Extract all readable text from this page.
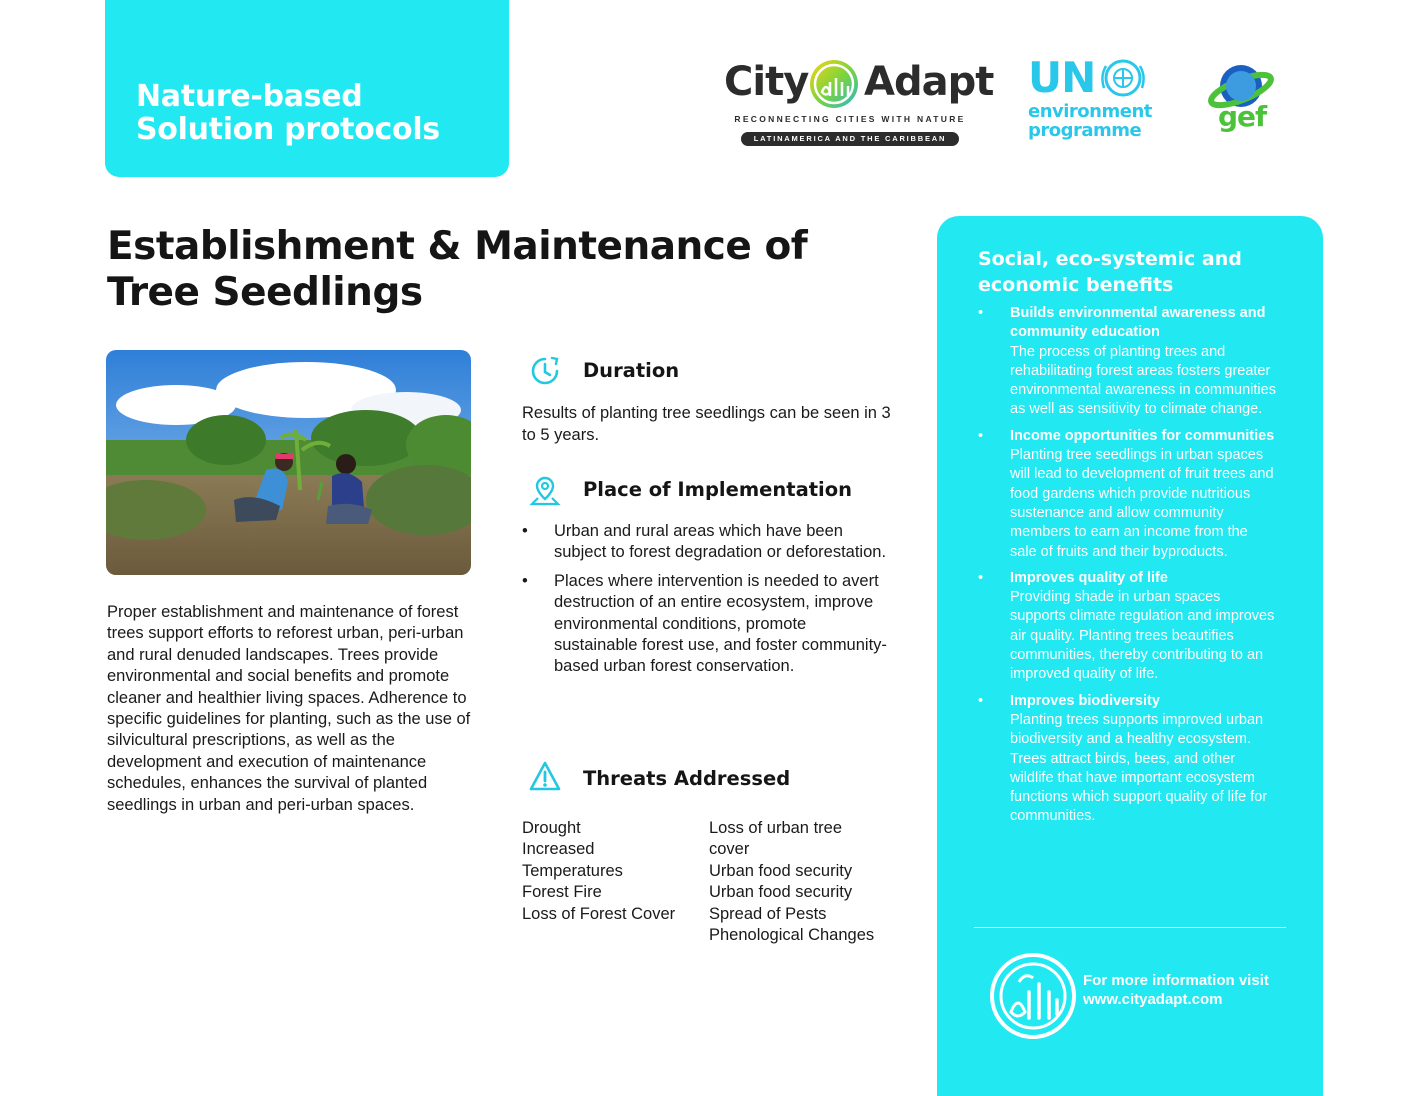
Nature-based
Solution protocols
City Adapt
RECONNECTING CITIES WITH NATURE
LATINAMERICA AND THE CARIBBEAN
UN
environment
programme	gef
Establishment & Maintenance of
Tree Seedlings

Proper establishment and maintenance of forest trees support efforts to reforest urban, peri-urban and rural denuded landscapes. Trees provide environmental and social benefits and promote cleaner and healthier living spaces. Adherence to specific guidelines for planting, such as the use of silvicultural prescriptions, as well as the development and execution of maintenance schedules, enhances the survival of planted seedlings in urban and peri-urban spaces.

Duration
Results of planting tree seedlings can be seen in 3 to 5 years.
Place of Implementation
• Urban and rural areas which have been subject to forest degradation or deforestation.
• Places where intervention is needed to avert destruction of an entire ecosystem, improve environmental conditions, promote sustainable forest use, and foster community-based urban forest conservation.
Threats Addressed
Drought
Increased
Temperatures
Forest Fire
Loss of Forest Cover
Loss of urban tree
cover
Urban food security
Urban food security
Spread of Pests
Phenological Changes
Social, eco-systemic and
economic benefits
• Builds environmental awareness and community education
The process of planting trees and rehabilitating forest areas fosters greater environmental awareness in communities as well as sensitivity to climate change.
• Income opportunities for communities
Planting tree seedlings in urban spaces will lead to development of fruit trees and food gardens which provide nutritious sustenance and allow community members to earn an income from the sale of fruits and their byproducts.
• Improves quality of life
Providing shade in urban spaces supports climate regulation and improves air quality. Planting trees beautifies communities, thereby contributing to an improved quality of life.
• Improves biodiversity
Planting trees supports improved urban biodiversity and a healthy ecosystem. Trees attract birds, bees, and other wildlife that have important ecosystem functions which support quality of life for communities.
For more information visit
www.cityadapt.com
